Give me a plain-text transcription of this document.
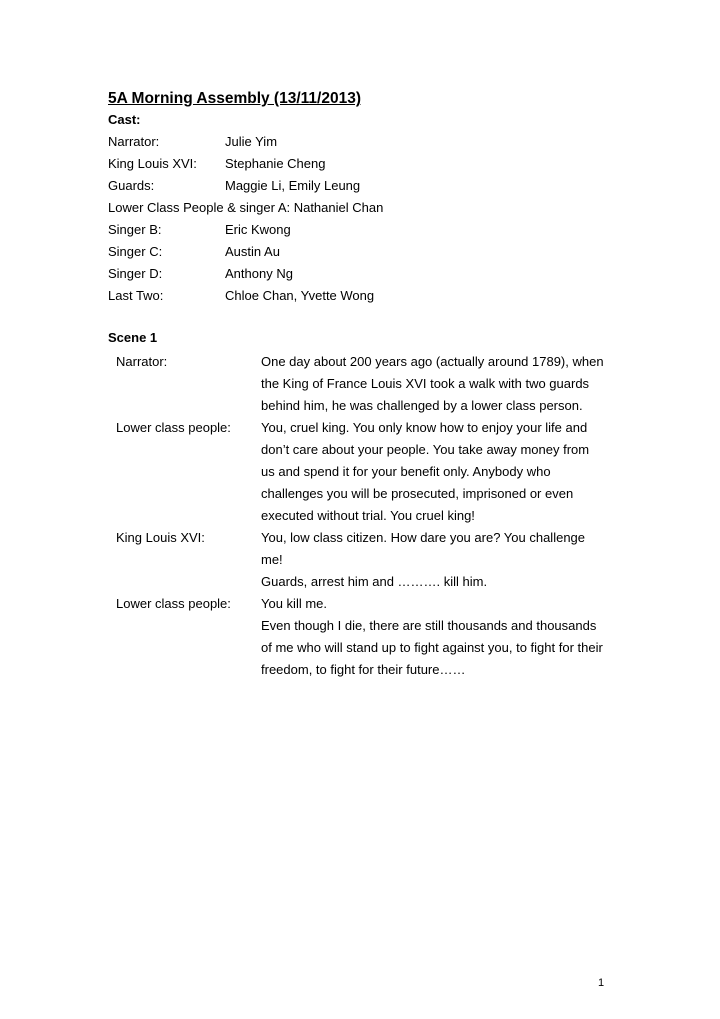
5A Morning Assembly (13/11/2013)
Cast:
Narrator:	Julie Yim
King Louis XVI: Stephanie Cheng
Guards:	Maggie Li, Emily Leung
Lower Class People & singer A: Nathaniel Chan
Singer B:	Eric Kwong
Singer C:	Austin Au
Singer D:	Anthony Ng
Last Two:	Chloe Chan, Yvette Wong
Scene 1
Narrator:	One day about 200 years ago (actually around 1789), when
the King of France Louis XVI took a walk with two guards
behind him, he was challenged by a lower class person.
Lower class people: You, cruel king. You only know how to enjoy your life and
don’t care about your people. You take away money from
us and spend it for your benefit only. Anybody who
challenges you will be prosecuted, imprisoned or even
executed without trial. You cruel king!
King Louis XVI:	You, low class citizen. How dare you are? You challenge
me!
Guards, arrest him and ………. kill him.
Lower class people: You kill me.
Even though I die, there are still thousands and thousands
of me who will stand up to fight against you, to fight for their
freedom, to fight for their future……
1
